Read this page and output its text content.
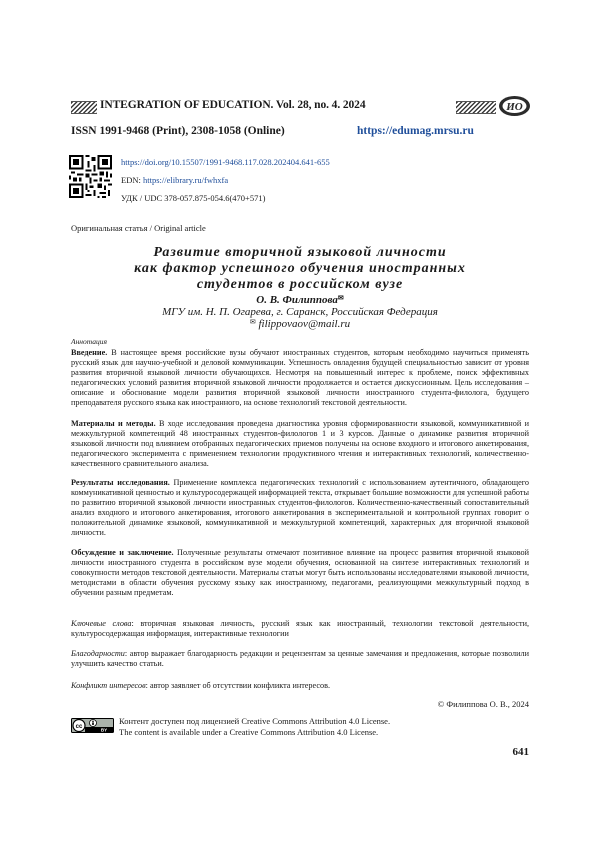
INTEGRATION OF EDUCATION. Vol. 28, no. 4. 2024	ИО
ISSN 1991-9468 (Print), 2308-1058 (Online)	https://edumag.mrsu.ru
https://doi.org/10.15507/1991-9468.117.028.202404.641-655
EDN: https://elibrary.ru/fwhxfa
УДК / UDC 378-057.875-054.6(470+571)
Оригинальная статья / Original article
Развитие вторичной языковой личности
как фактор успешного обучения иностранных
студентов в российском вузе
О. В. Филиппова✉
МГУ им. Н. П. Огарева, г. Саранск, Российская Федерация
✉ filippovaov@mail.ru
Аннотация
Введение. В настоящее время российские вузы обучают иностранных студентов, которым необходимо научиться применять русский язык для научно-учебной и деловой коммуникации. Успешность овладения будущей специальностью зависит от уровня развития вторичной языковой личности обучающихся. Несмотря на повышенный интерес к проблеме, поиск эффективных педагогических условий развития вторичной языковой личности продолжается и остается дискуссионным. Цель исследования – описание и обоснование модели развития вторичной языковой личности иностранного студента-филолога, будущего преподавателя русского языка как иностранного, на основе технологий текстовой деятельности.
Материалы и методы. В ходе исследования проведена диагностика уровня сформированности языковой, коммуникативной и межкультурной компетенций 48 иностранных студентов-филологов 1 и 3 курсов. Данные о динамике развития вторичной языковой личности под влиянием отобранных педагогических приемов получены на основе входного и итогового анкетирования, педагогического эксперимента с применением технологии продуктивного чтения и интерактивных технологий, количественно-качественного сравнительного анализа.
Результаты исследования. Применение комплекса педагогических технологий с использованием аутентичного, обладающего коммуникативной ценностью и культуросодержащей информацией текста, открывает большие возможности для успешной работы по развитию вторичной языковой личности иностранных студентов-филологов. Количественно-качественный сопоставительный анализ входного и итогового анкетирования, итогового анкетирования в экспериментальной и контрольной группах говорит о положительной динамике языковой, коммуникативной и межкультурной компетенций, характерных для вторичной языковой личности.
Обсуждение и заключение. Полученные результаты отмечают позитивное влияние на процесс развития вторичной языковой личности иностранного студента в российском вузе модели обучения, основанной на синтезе интерактивных технологий и совокупности методов текстовой деятельности. Материалы статьи могут быть использованы исследователями языковой личности, методистами в области обучения русскому языку как иностранному, педагогами, реализующими межкультурный подход в обучении разным предметам.
Ключевые слова: вторичная языковая личность, русский язык как иностранный, технологии текстовой деятельности, культуросодержащая информация, интерактивные технологии
Благодарности: автор выражает благодарность редакции и рецензентам за ценные замечания и предложения, которые позволили улучшить качество статьи.
Конфликт интересов: автор заявляет об отсутствии конфликта интересов.
© Филиппова О. В., 2024
cc	BY
Контент доступен под лицензией Creative Commons Attribution 4.0 License.
The content is available under a Creative Commons Attribution 4.0 License.
641
